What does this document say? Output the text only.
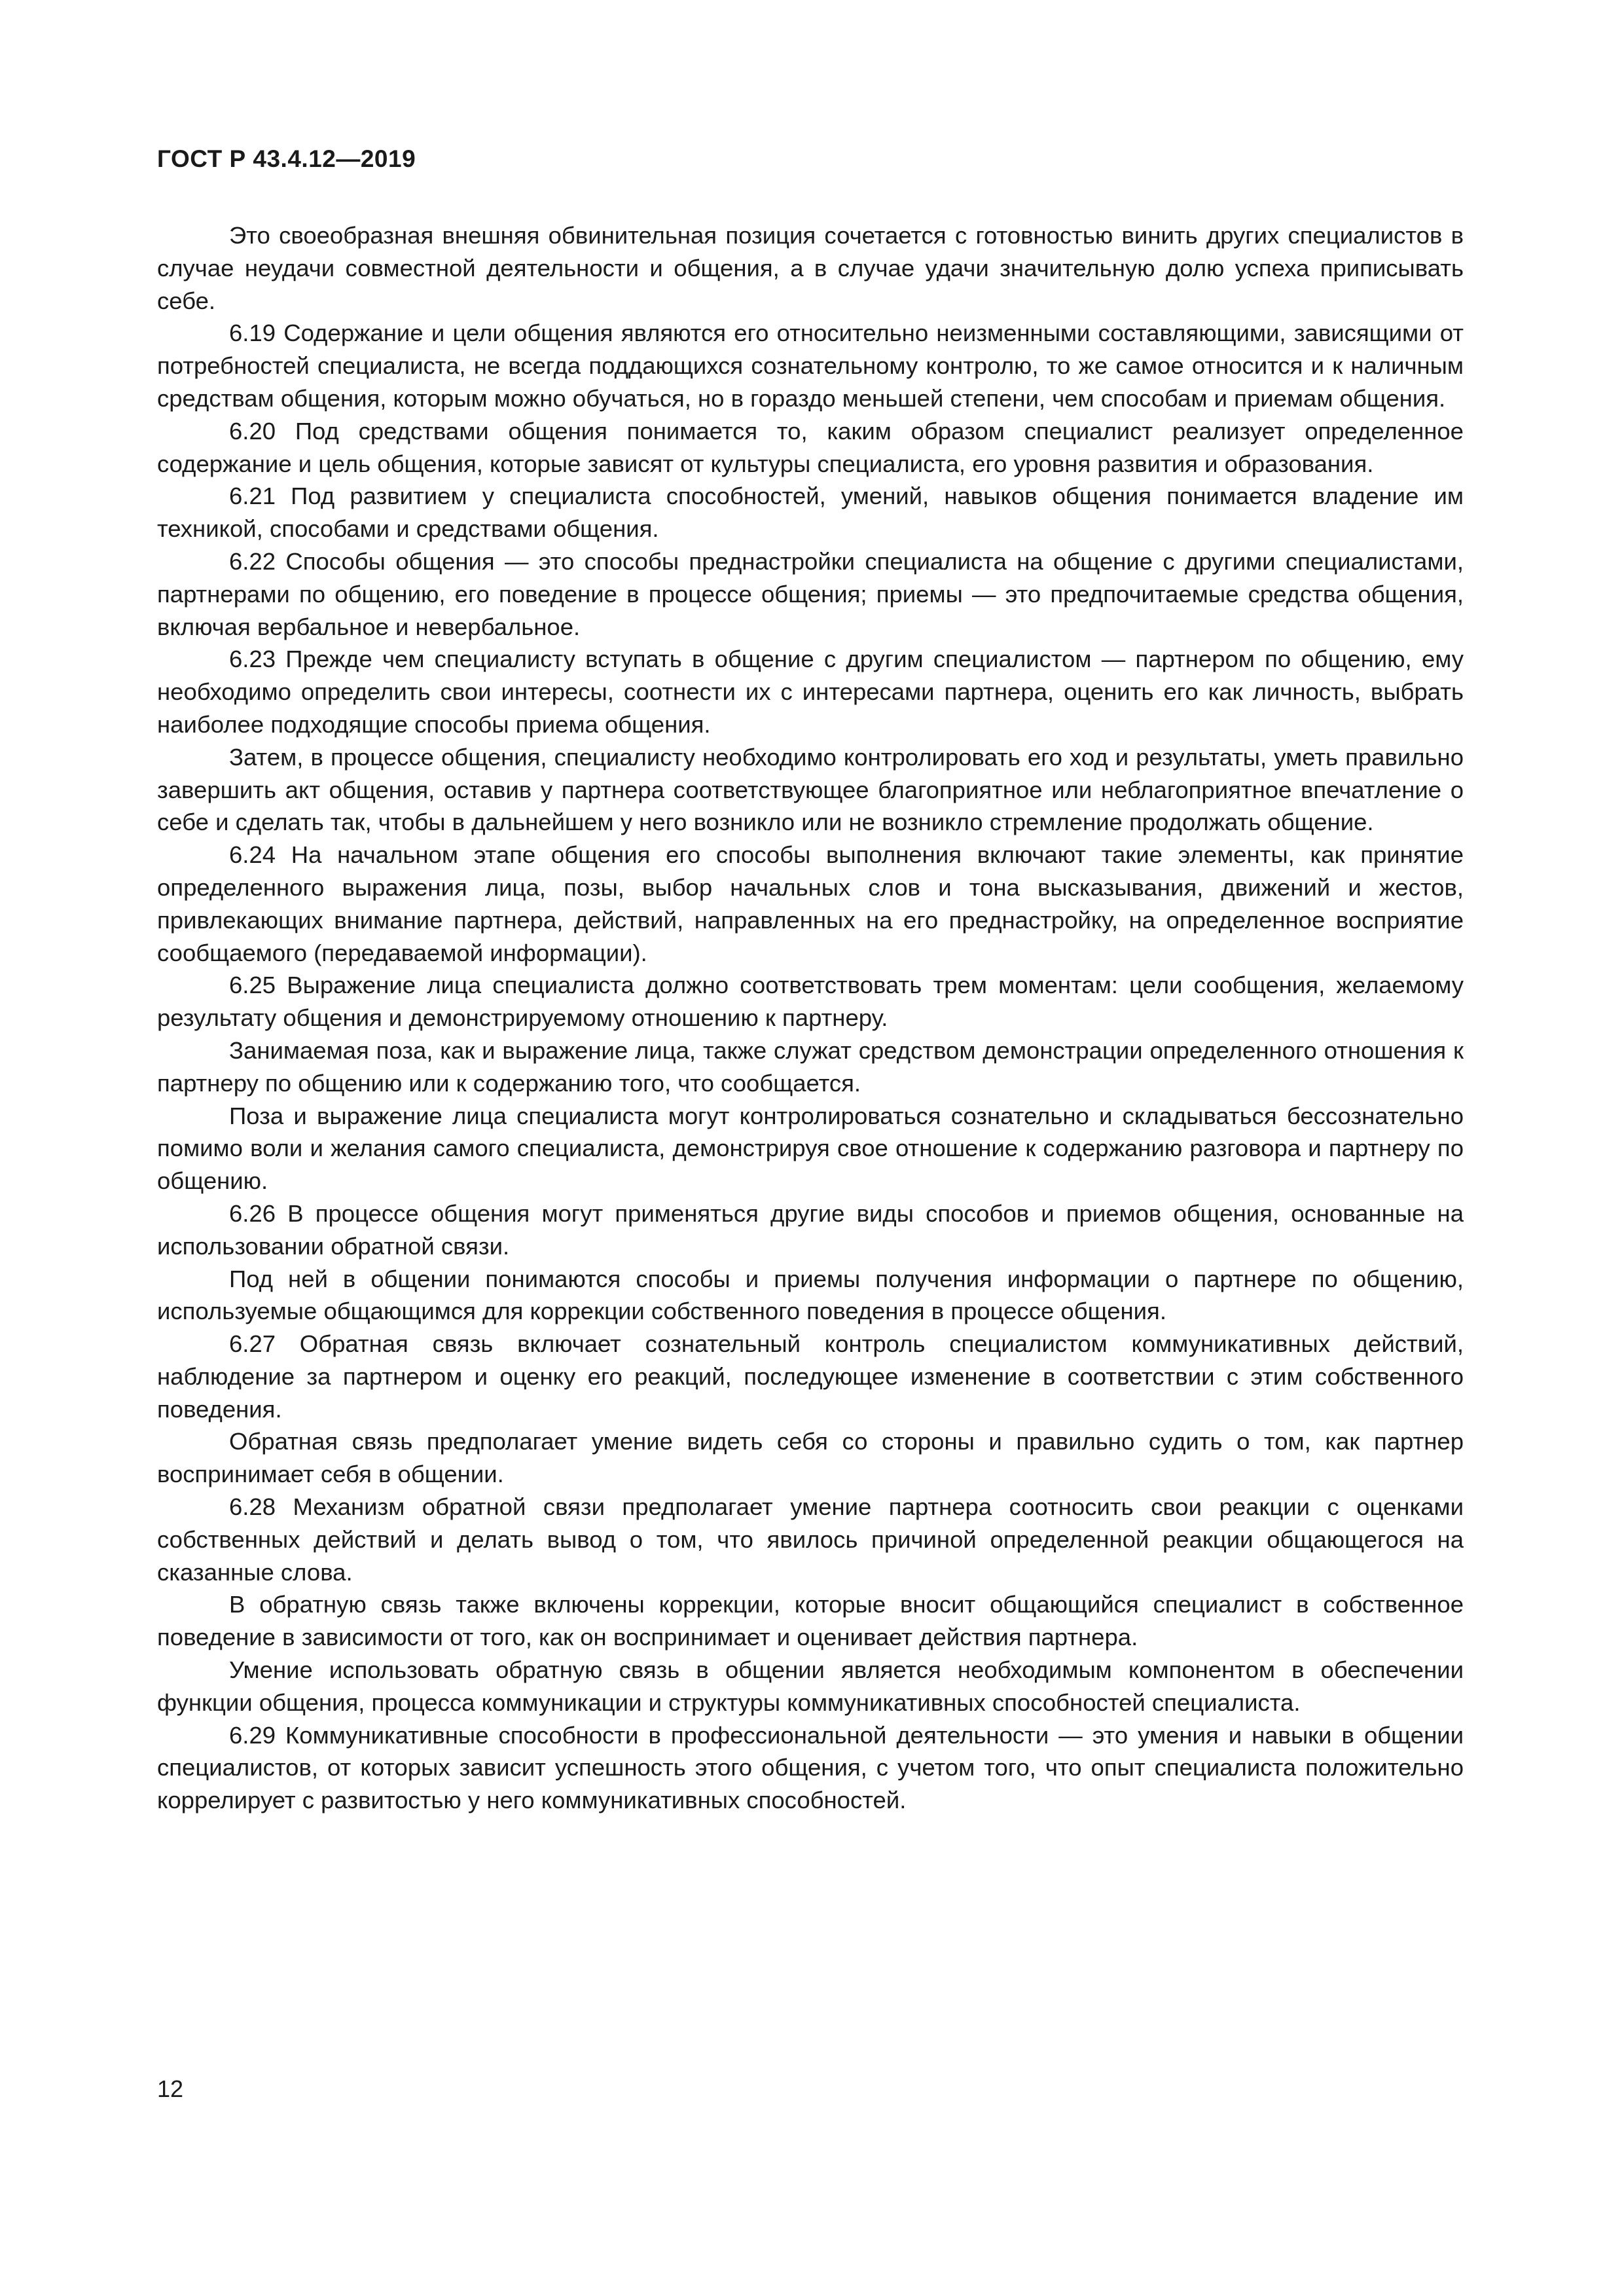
ГОСТ Р 43.4.12—2019

Это своеобразная внешняя обвинительная позиция сочетается с готовностью винить других специалистов в случае неудачи совместной деятельности и общения, а в случае удачи значительную долю успеха приписывать себе.

6.19 Содержание и цели общения являются его относительно неизменными составляющими, зависящими от потребностей специалиста, не всегда поддающихся сознательному контролю, то же самое относится и к наличным средствам общения, которым можно обучаться, но в гораздо меньшей степени, чем способам и приемам общения.

6.20 Под средствами общения понимается то, каким образом специалист реализует определенное содержание и цель общения, которые зависят от культуры специалиста, его уровня развития и образования.

6.21 Под развитием у специалиста способностей, умений, навыков общения понимается владение им техникой, способами и средствами общения.

6.22 Способы общения — это способы преднастройки специалиста на общение с другими специалистами, партнерами по общению, его поведение в процессе общения; приемы — это предпочитаемые средства общения, включая вербальное и невербальное.

6.23 Прежде чем специалисту вступать в общение с другим специалистом — партнером по общению, ему необходимо определить свои интересы, соотнести их с интересами партнера, оценить его как личность, выбрать наиболее подходящие способы приема общения.

Затем, в процессе общения, специалисту необходимо контролировать его ход и результаты, уметь правильно завершить акт общения, оставив у партнера соответствующее благоприятное или неблагоприятное впечатление о себе и сделать так, чтобы в дальнейшем у него возникло или не возникло стремление продолжать общение.

6.24 На начальном этапе общения его способы выполнения включают такие элементы, как принятие определенного выражения лица, позы, выбор начальных слов и тона высказывания, движений и жестов, привлекающих внимание партнера, действий, направленных на его преднастройку, на определенное восприятие сообщаемого (передаваемой информации).

6.25 Выражение лица специалиста должно соответствовать трем моментам: цели сообщения, желаемому результату общения и демонстрируемому отношению к партнеру.

Занимаемая поза, как и выражение лица, также служат средством демонстрации определенного отношения к партнеру по общению или к содержанию того, что сообщается.

Поза и выражение лица специалиста могут контролироваться сознательно и складываться бессознательно помимо воли и желания самого специалиста, демонстрируя свое отношение к содержанию разговора и партнеру по общению.

6.26 В процессе общения могут применяться другие виды способов и приемов общения, основанные на использовании обратной связи.

Под ней в общении понимаются способы и приемы получения информации о партнере по общению, используемые общающимся для коррекции собственного поведения в процессе общения.

6.27 Обратная связь включает сознательный контроль специалистом коммуникативных действий, наблюдение за партнером и оценку его реакций, последующее изменение в соответствии с этим собственного поведения.

Обратная связь предполагает умение видеть себя со стороны и правильно судить о том, как партнер воспринимает себя в общении.

6.28 Механизм обратной связи предполагает умение партнера соотносить свои реакции с оценками собственных действий и делать вывод о том, что явилось причиной определенной реакции общающегося на сказанные слова.

В обратную связь также включены коррекции, которые вносит общающийся специалист в собственное поведение в зависимости от того, как он воспринимает и оценивает действия партнера.

Умение использовать обратную связь в общении является необходимым компонентом в обеспечении функции общения, процесса коммуникации и структуры коммуникативных способностей специалиста.

6.29 Коммуникативные способности в профессиональной деятельности — это умения и навыки в общении специалистов, от которых зависит успешность этого общения, с учетом того, что опыт специалиста положительно коррелирует с развитостью у него коммуникативных способностей.

12
